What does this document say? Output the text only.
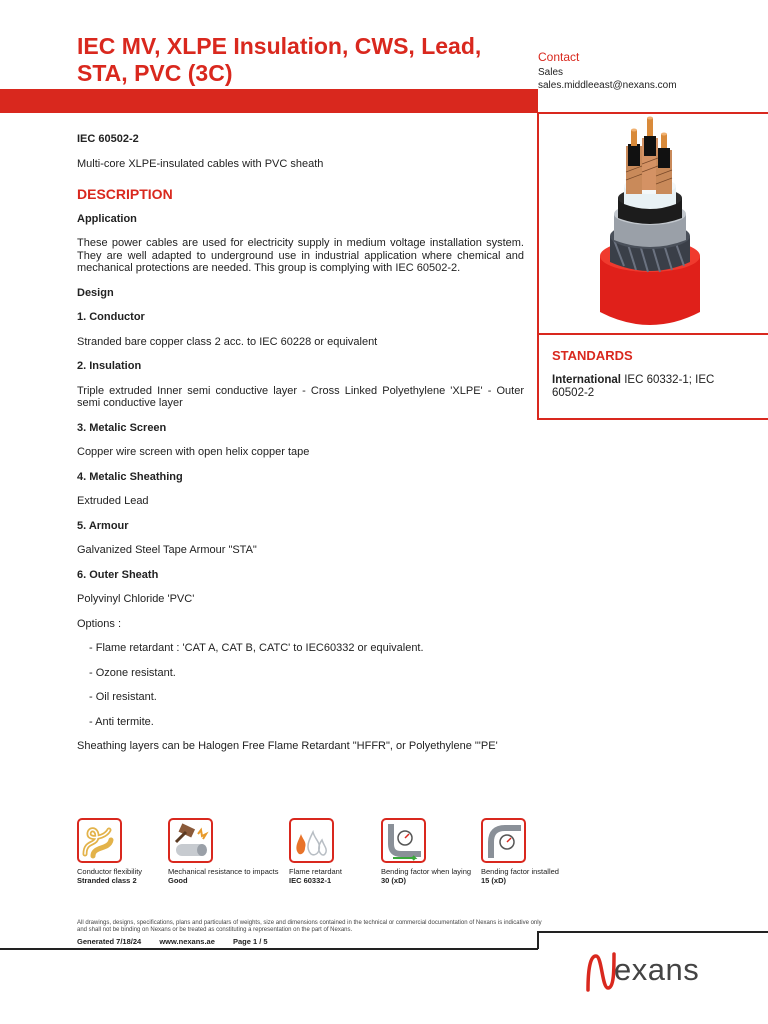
IEC MV, XLPE Insulation, CWS, Lead, STA, PVC (3C)
Contact
Sales
sales.middleeast@nexans.com
STANDARDS
International IEC 60332-1; IEC 60502-2
IEC 60502-2
Multi-core XLPE-insulated cables with PVC sheath
DESCRIPTION
Application
These power cables are used for electricity supply in medium voltage installation system. They are well adapted to underground use in industrial application where chemical and mechanical protections are needed. This group is complying with IEC 60502-2.
Design
1. Conductor
Stranded bare copper class 2 acc. to IEC 60228 or equivalent
2. Insulation
Triple extruded Inner semi conductive layer - Cross Linked Polyethylene 'XLPE' - Outer semi conductive layer
3. Metalic Screen
Copper wire screen with open helix copper tape
4. Metalic Sheathing
Extruded Lead
5. Armour
Galvanized Steel Tape Armour "STA"
6. Outer Sheath
Polyvinyl Chloride 'PVC'
Options :
- Flame retardant : 'CAT A, CAT B, CATC' to IEC60332 or equivalent.
- Ozone resistant.
- Oil resistant.
- Anti termite.
Sheathing layers can be Halogen Free Flame Retardant "HFFR", or Polyethylene "'PE'
Conductor flexibility
Stranded class 2
Mechanical resistance to impacts
Good
Flame retardant
IEC 60332-1
Bending factor when laying
30 (xD)
Bending factor installed
15 (xD)
All drawings, designs, specifications, plans and particulars of weights, size and dimensions contained in the technical or commercial documentation of Nexans is indicative only and shall not be binding on Nexans or be treated as constituting a representation on the part of Nexans.
Generated 7/18/24 www.nexans.ae Page 1 / 5
exans
